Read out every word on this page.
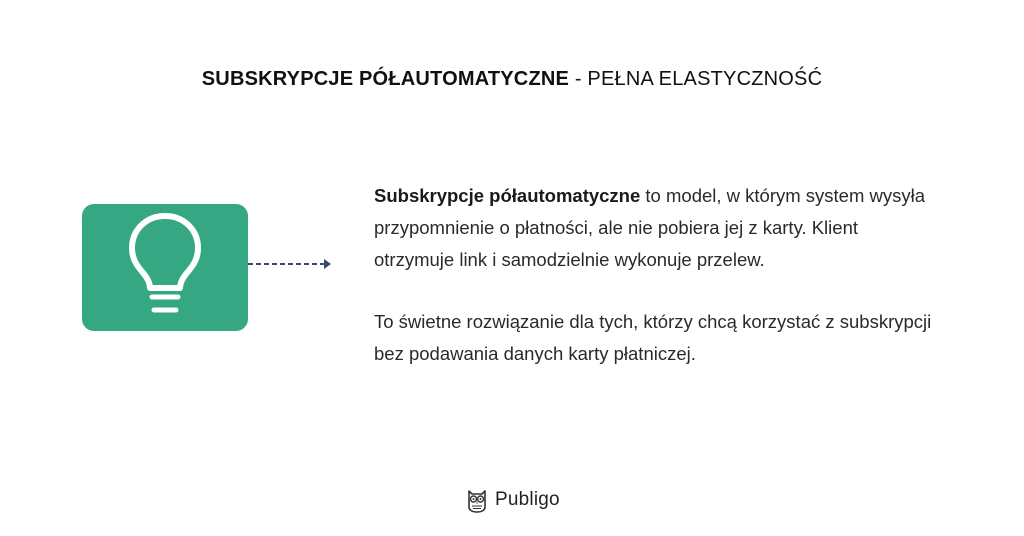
SUBSKRYPCJE PÓŁAUTOMATYCZNE - PEŁNA ELASTYCZNOŚĆ

Subskrypcje półautomatyczne to model, w którym system wysyła przypomnienie o płatności, ale nie pobiera jej z karty. Klient otrzymuje link i samodzielnie wykonuje przelew.

To świetne rozwiązanie dla tych, którzy chcą korzystać z subskrypcji bez podawania danych karty płatniczej.

Publigo
